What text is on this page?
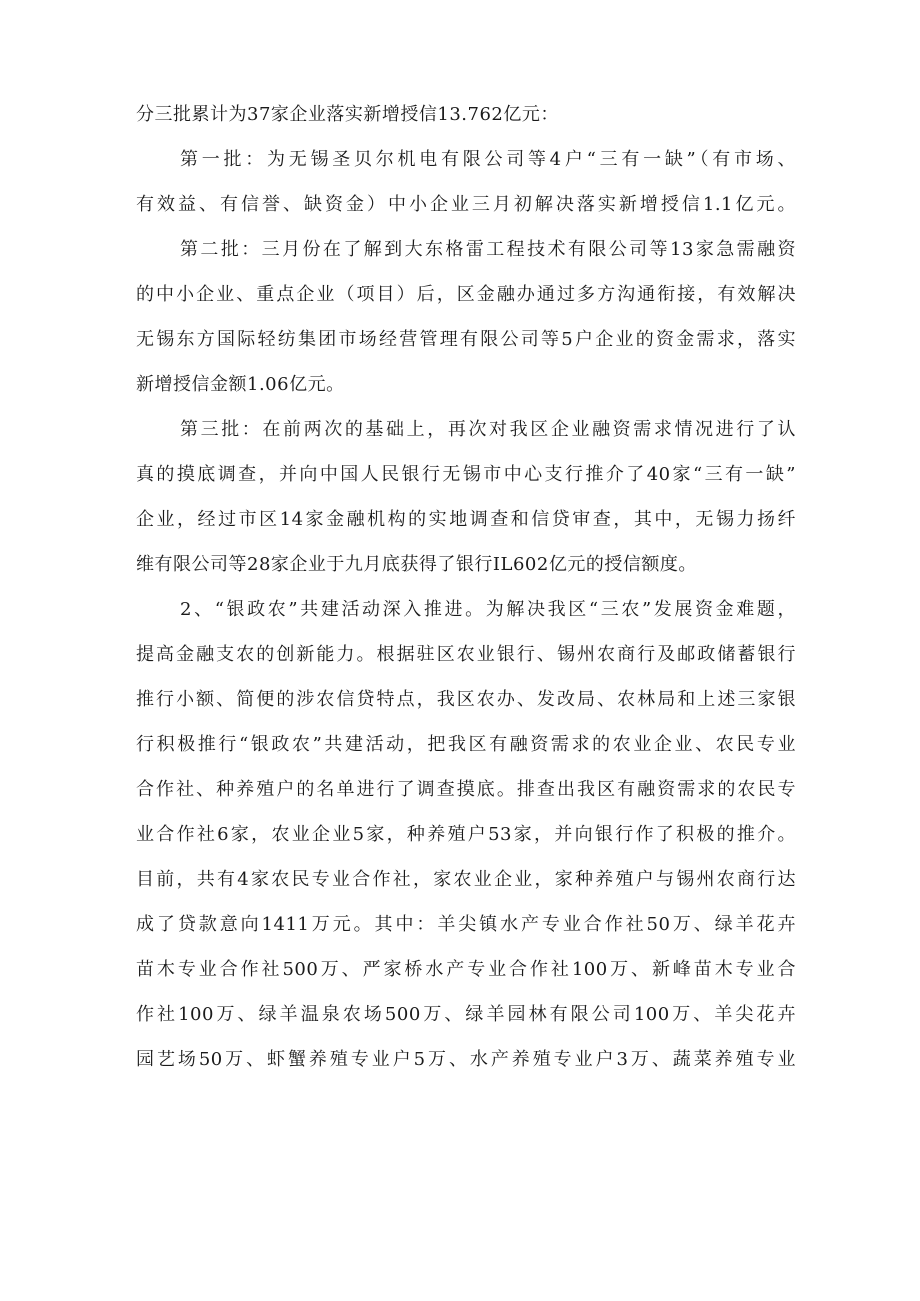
分三批累计为37家企业落实新增授信13.762亿元：
第一批：为无锡圣贝尔机电有限公司等4户“三有一缺”（有市场、
有效益、有信誉、缺资金）中小企业三月初解决落实新增授信1.1亿元。
第二批：三月份在了解到大东格雷工程技术有限公司等13家急需融资
的中小企业、重点企业（项目）后，区金融办通过多方沟通衔接，有效解决
无锡东方国际轻纺集团市场经营管理有限公司等5户企业的资金需求，落实
新增授信金额1.06亿元。
第三批：在前两次的基础上，再次对我区企业融资需求情况进行了认
真的摸底调查，并向中国人民银行无锡市中心支行推介了40家“三有一缺”
企业，经过市区14家金融机构的实地调查和信贷审查，其中，无锡力扬纤
维有限公司等28家企业于九月底获得了银行IL602亿元的授信额度。
2、“银政农”共建活动深入推进。为解决我区“三农”发展资金难题，
提高金融支农的创新能力。根据驻区农业银行、锡州农商行及邮政储蓄银行
推行小额、简便的涉农信贷特点，我区农办、发改局、农林局和上述三家银
行积极推行“银政农”共建活动，把我区有融资需求的农业企业、农民专业
合作社、种养殖户的名单进行了调查摸底。排查出我区有融资需求的农民专
业合作社6家，农业企业5家，种养殖户53家，并向银行作了积极的推介。
目前，共有4家农民专业合作社，家农业企业，家种养殖户与锡州农商行达
成了贷款意向1411万元。其中：羊尖镇水产专业合作社50万、绿羊花卉
苗木专业合作社500万、严家桥水产专业合作社100万、新峰苗木专业合
作社100万、绿羊温泉农场500万、绿羊园林有限公司100万、羊尖花卉
园艺场50万、虾蟹养殖专业户5万、水产养殖专业户3万、蔬菜养殖专业
